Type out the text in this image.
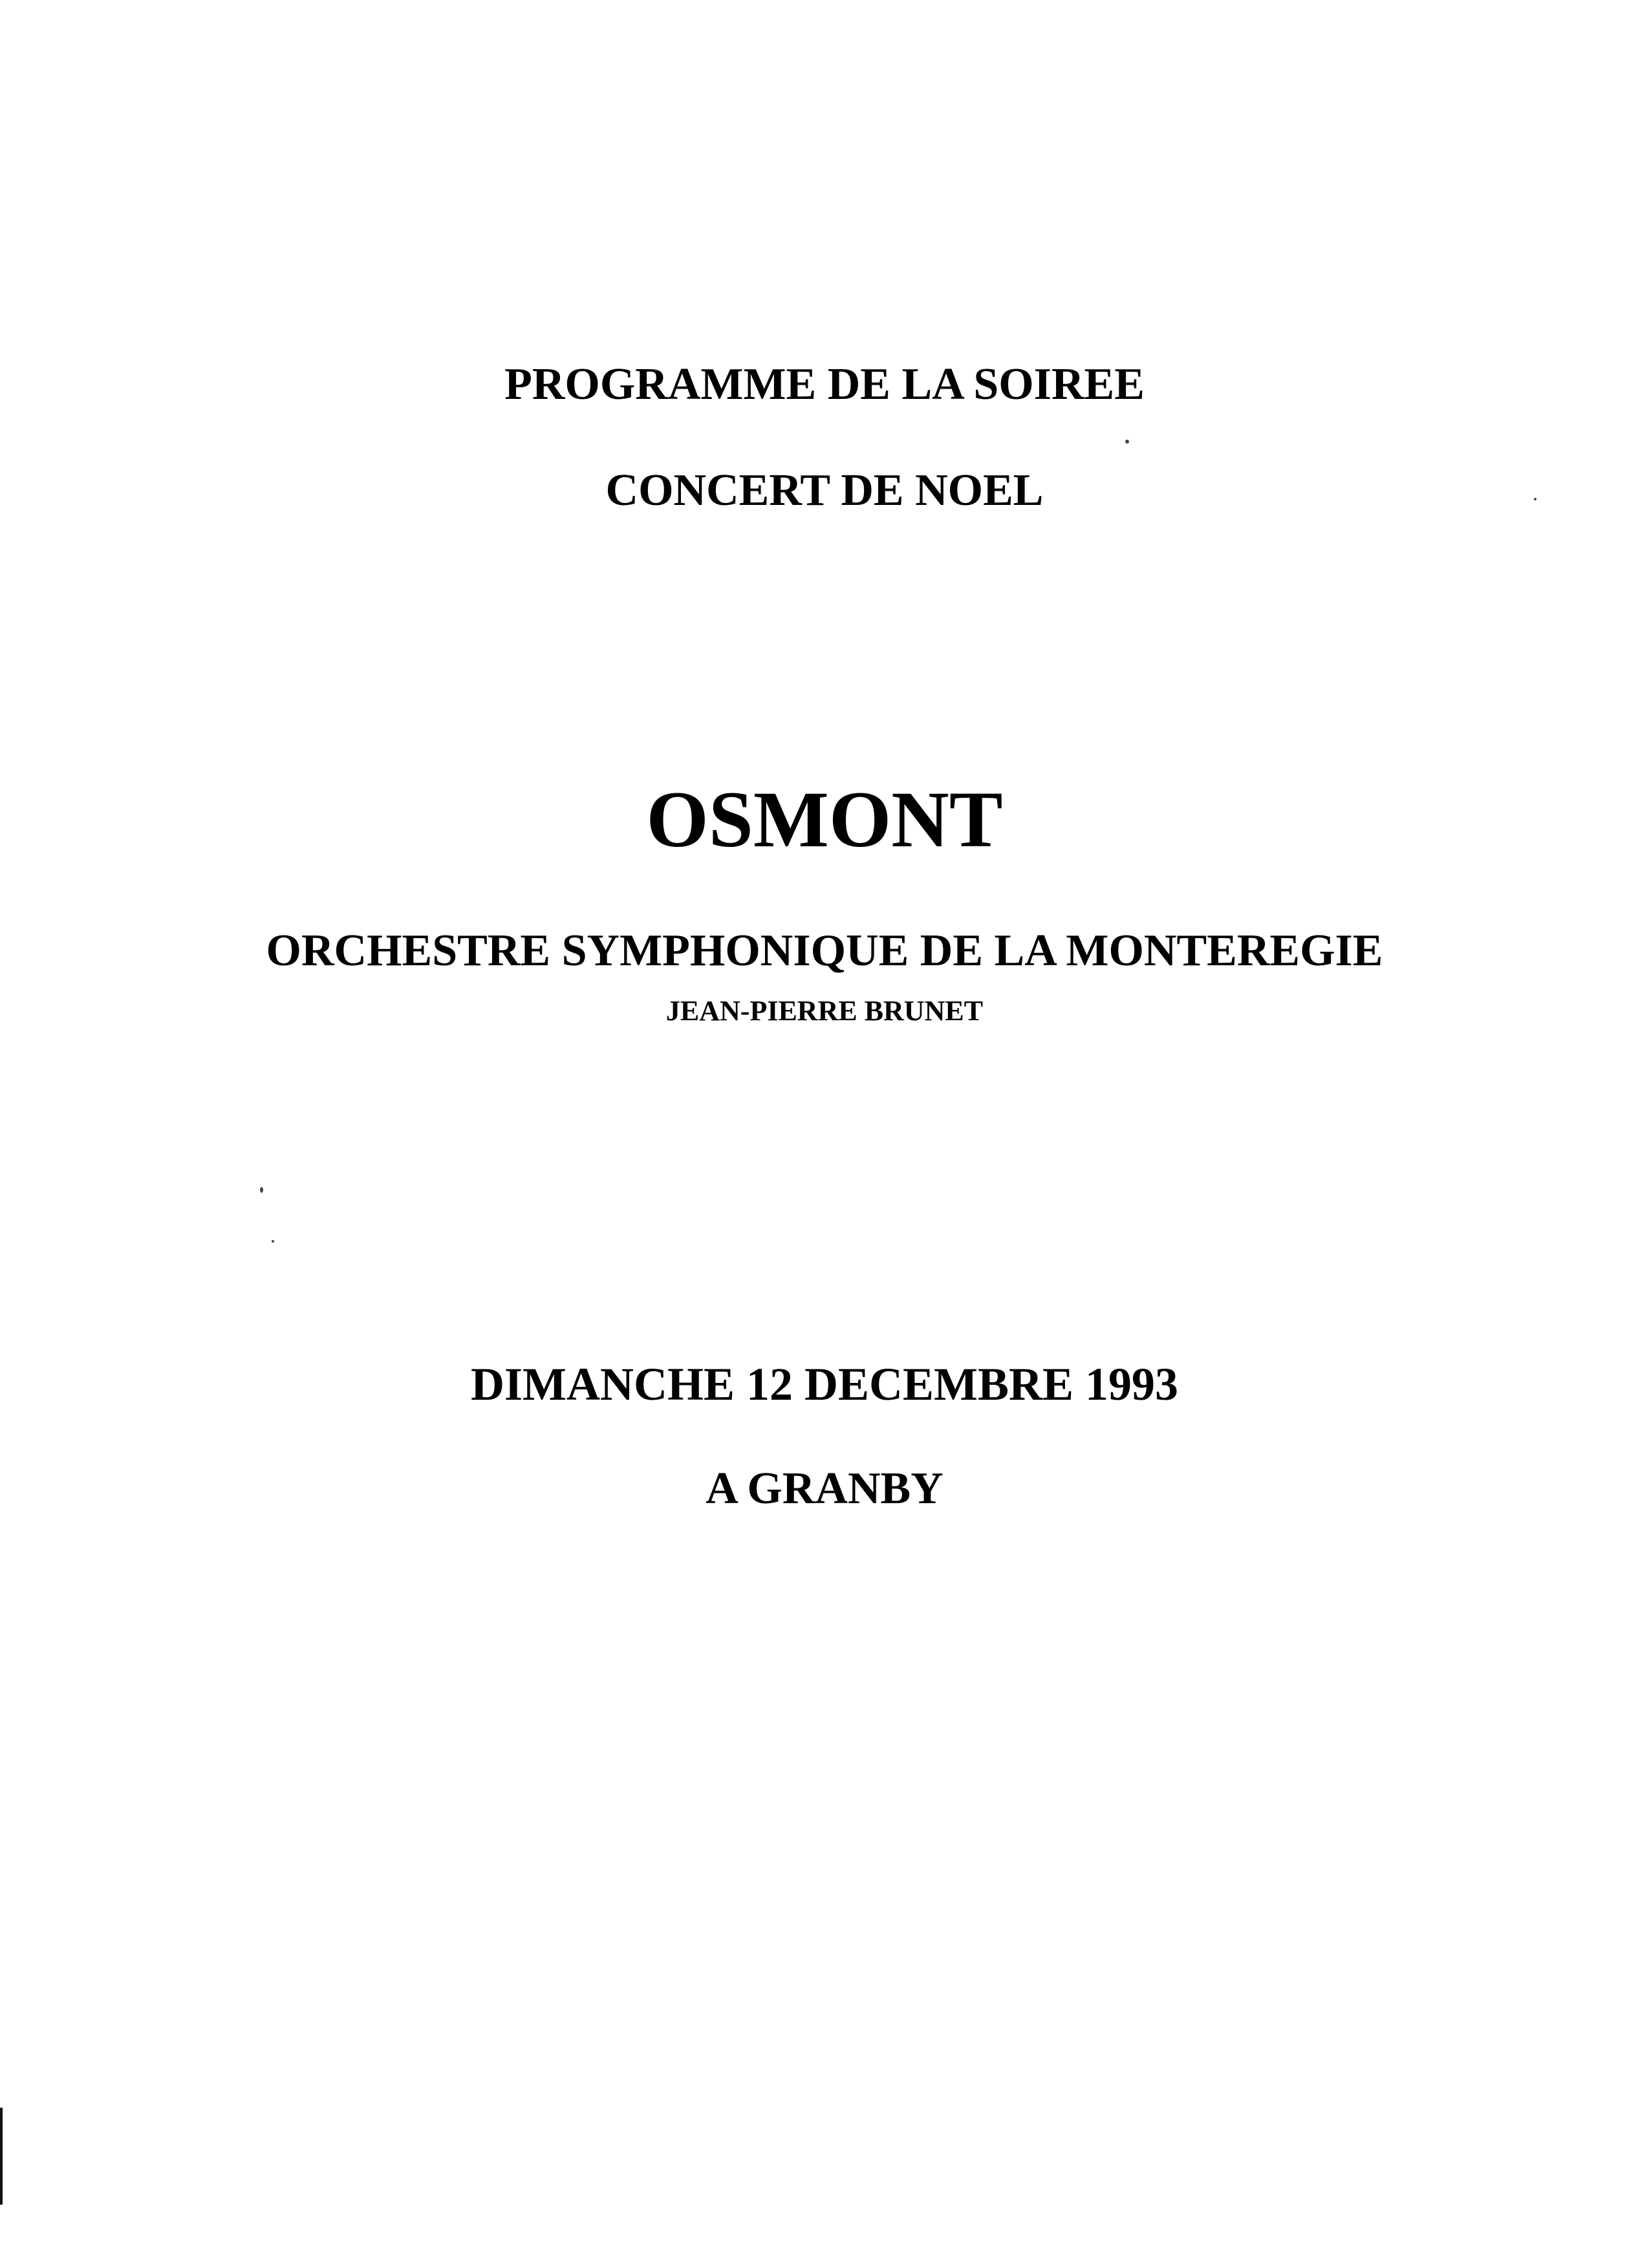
PROGRAMME DE LA SOIREE
CONCERT DE NOEL
OSMONT
ORCHESTRE SYMPHONIQUE DE LA MONTEREGIE
JEAN-PIERRE BRUNET
DIMANCHE 12 DECEMBRE 1993
A GRANBY
